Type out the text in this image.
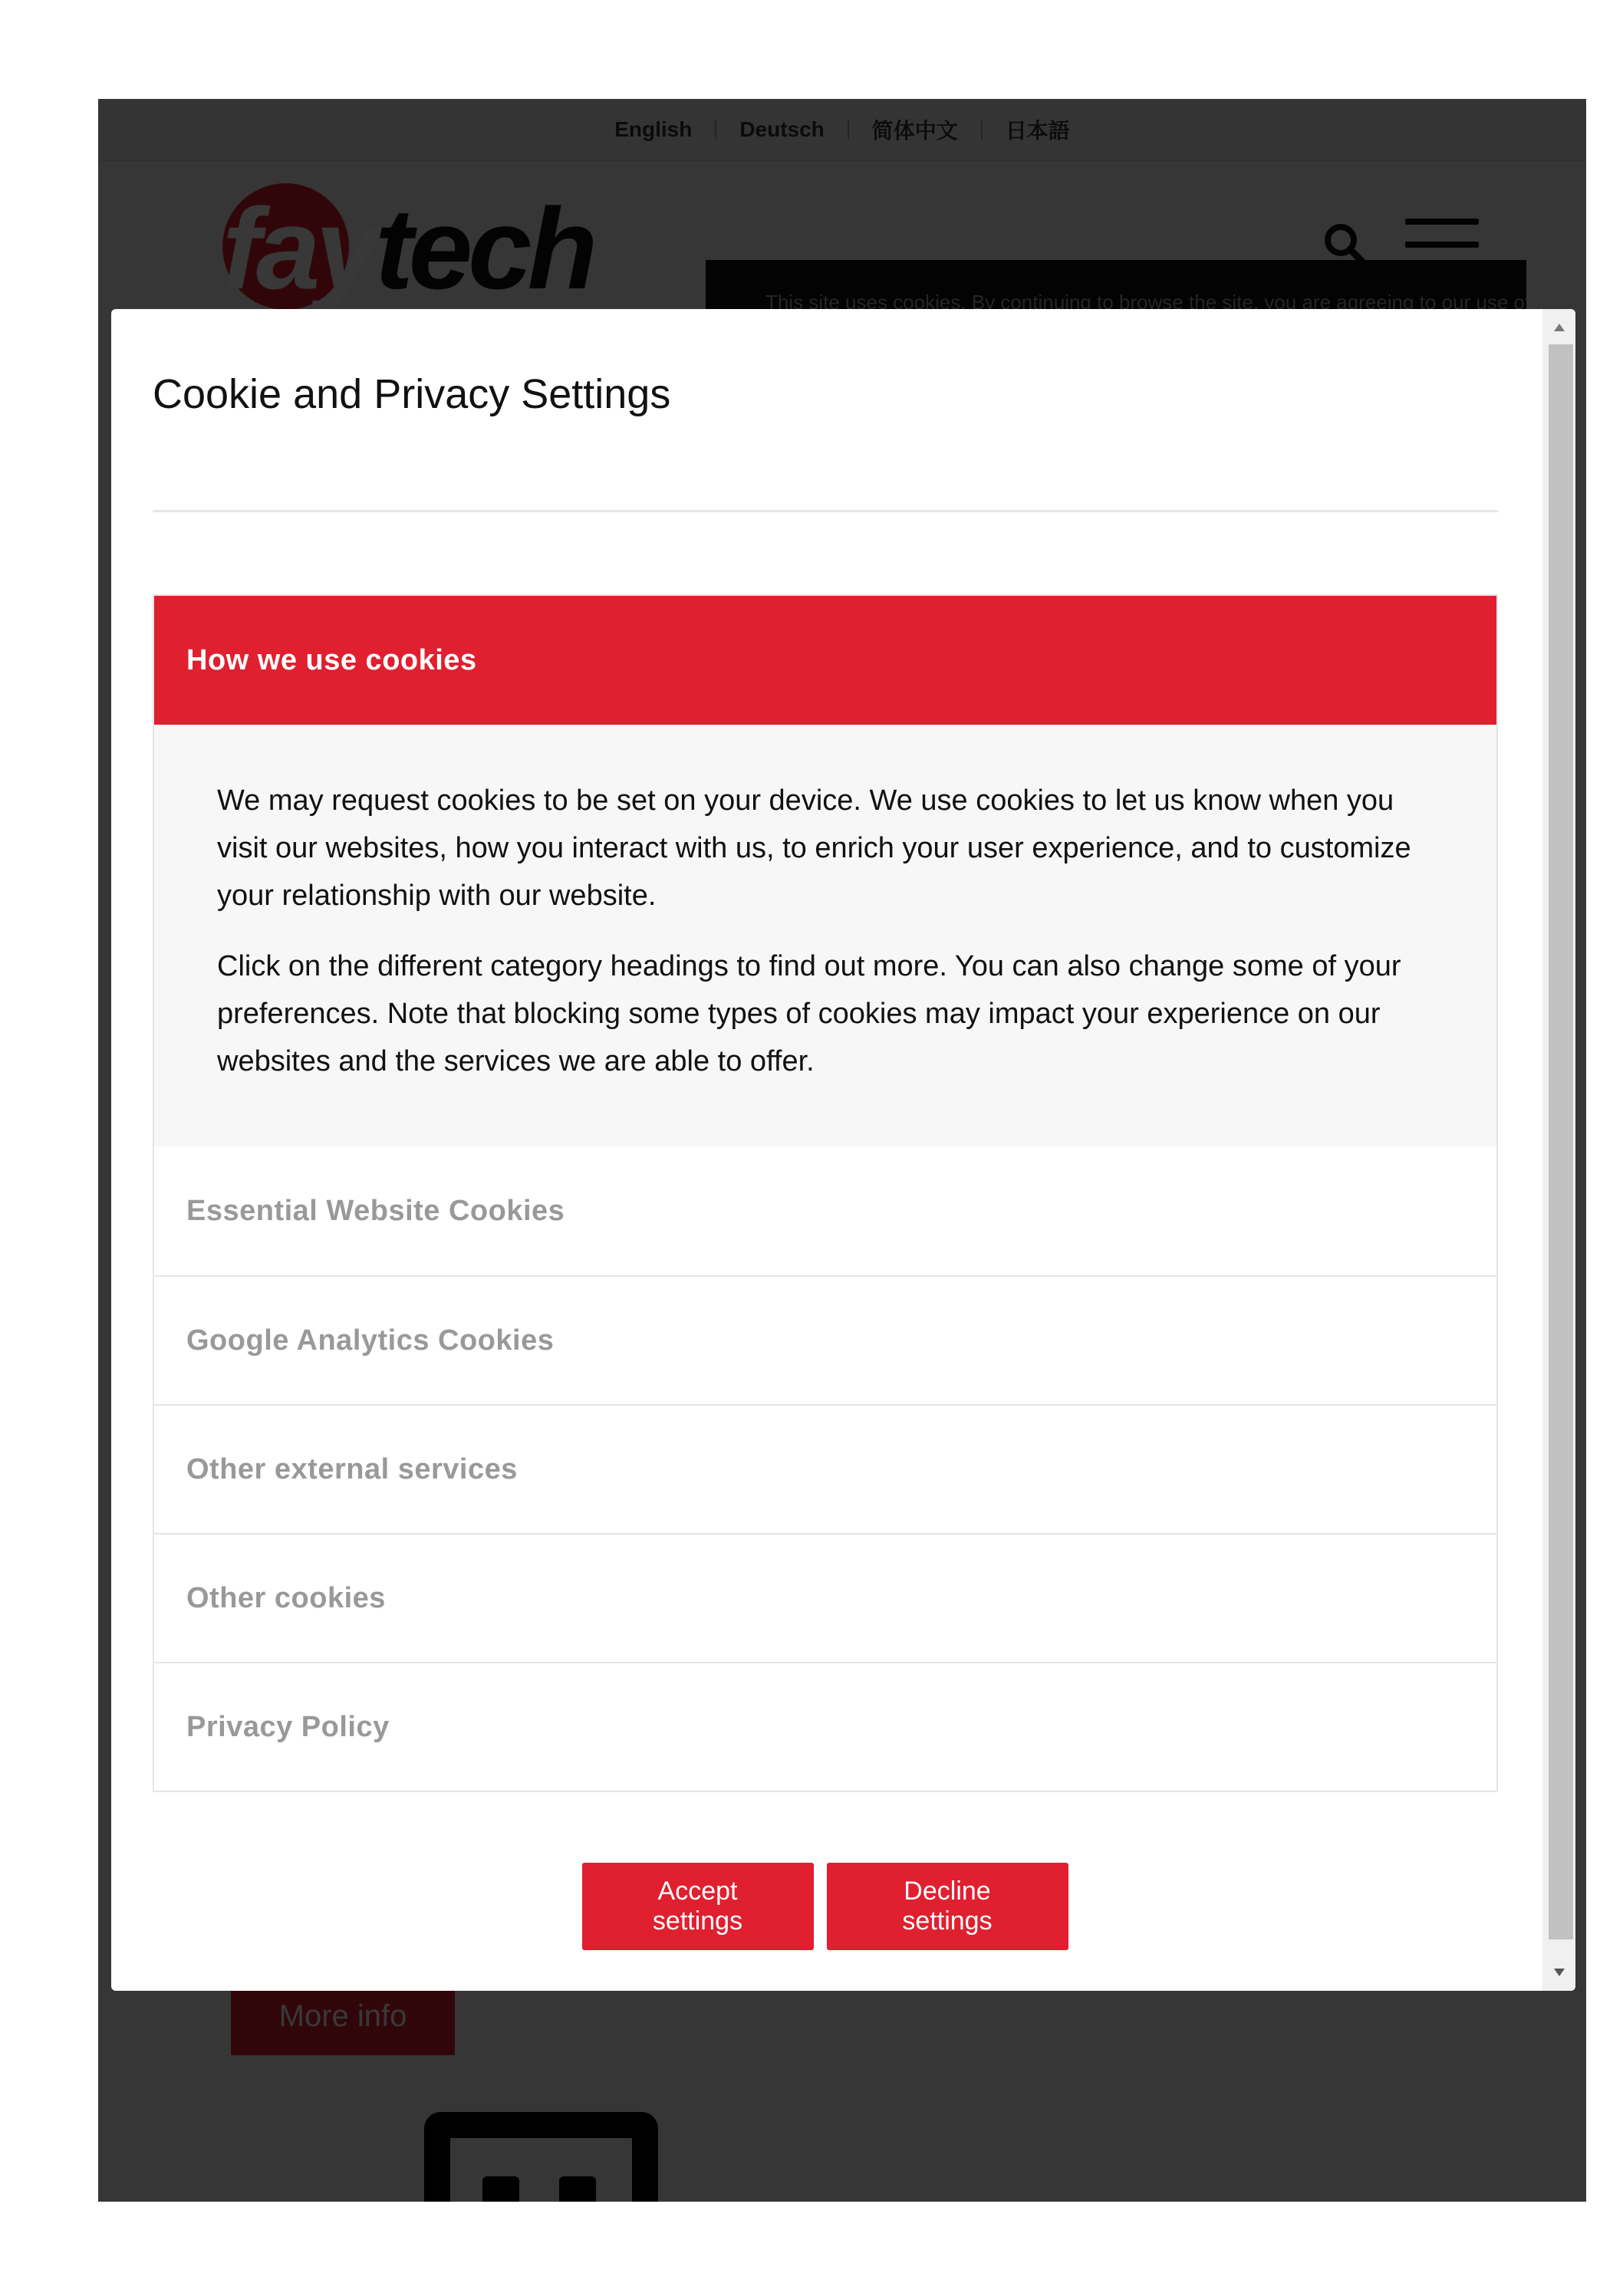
Cookie and Privacy Settings
How we use cookies

We may request cookies to be set on your device. We use cookies to let us know when you visit our websites, how you interact with us, to enrich your user experience, and to customize your relationship with our website.

Click on the different category headings to find out more. You can also change some of your preferences. Note that blocking some types of cookies may impact your experience on our websites and the services we are able to offer.

Essential Website Cookies
Google Analytics Cookies
Other external services
Other cookies
Privacy Policy
Accept settings
Decline settings
